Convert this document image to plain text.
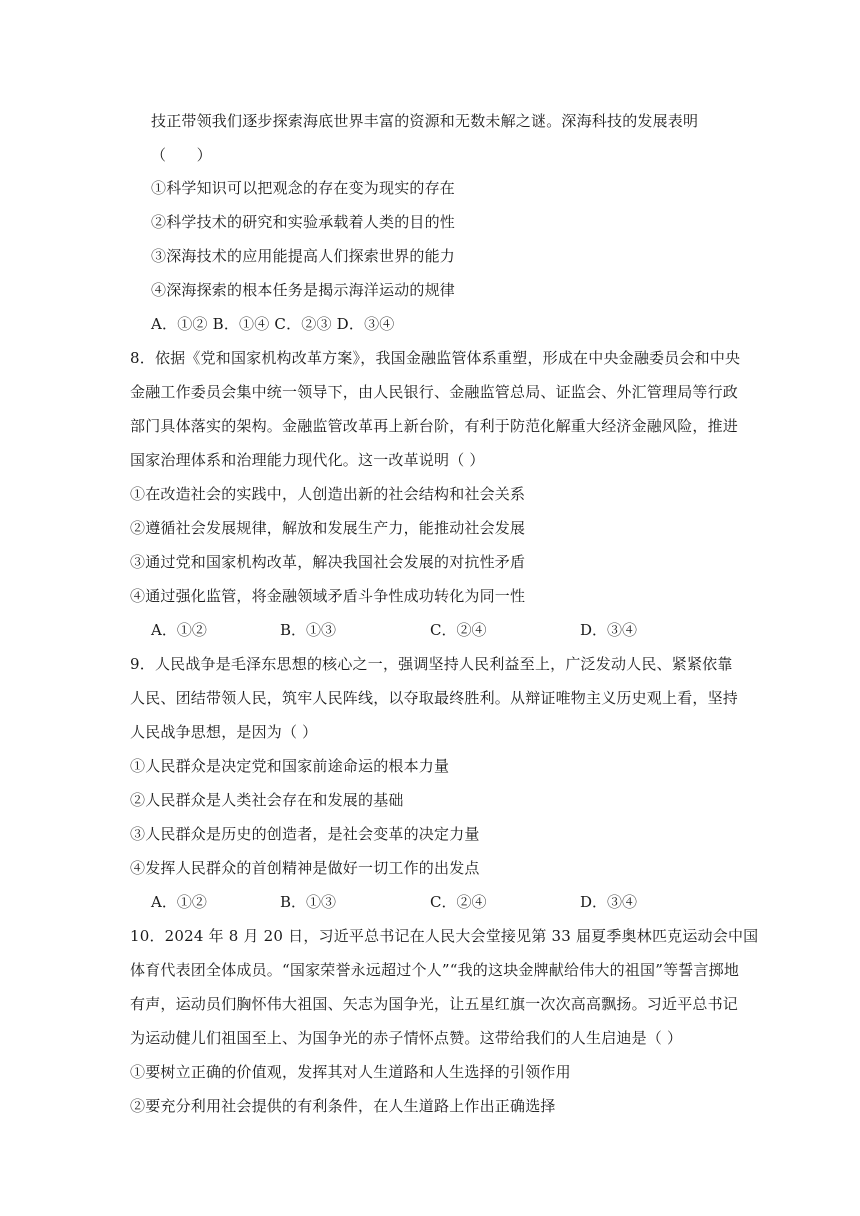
技正带领我们逐步探索海底世界丰富的资源和无数未解之谜。深海科技的发展表明
（　　）
①科学知识可以把观念的存在变为现实的存在
②科学技术的研究和实验承载着人类的目的性
③深海技术的应用能提高人们探索世界的能力
④深海探索的根本任务是揭示海洋运动的规律
A．①② B．①④ C．②③ D．③④
8．依据《党和国家机构改革方案》，我国金融监管体系重塑，形成在中央金融委员会和中央
金融工作委员会集中统一领导下，由人民银行、金融监管总局、证监会、外汇管理局等行政
部门具体落实的架构。金融监管改革再上新台阶，有利于防范化解重大经济金融风险，推进
国家治理体系和治理能力现代化。这一改革说明（ ）
①在改造社会的实践中，人创造出新的社会结构和社会关系
②遵循社会发展规律，解放和发展生产力，能推动社会发展
③通过党和国家机构改革，解决我国社会发展的对抗性矛盾
④通过强化监管，将金融领域矛盾斗争性成功转化为同一性
A．①②	B．①③	C．②④	D．③④
9．人民战争是毛泽东思想的核心之一，强调坚持人民利益至上，广泛发动人民、紧紧依靠
人民、团结带领人民，筑牢人民阵线，以夺取最终胜利。从辩证唯物主义历史观上看，坚持
人民战争思想，是因为（ ）
①人民群众是决定党和国家前途命运的根本力量
②人民群众是人类社会存在和发展的基础
③人民群众是历史的创造者，是社会变革的决定力量
④发挥人民群众的首创精神是做好一切工作的出发点
A．①②	B．①③	C．②④	D．③④
10．2024 年 8 月 20 日，习近平总书记在人民大会堂接见第 33 届夏季奥林匹克运动会中国
体育代表团全体成员。“国家荣誉永远超过个人”“我的这块金牌献给伟大的祖国”等誓言掷地
有声，运动员们胸怀伟大祖国、矢志为国争光，让五星红旗一次次高高飘扬。习近平总书记
为运动健儿们祖国至上、为国争光的赤子情怀点赞。这带给我们的人生启迪是（ ）
①要树立正确的价值观，发挥其对人生道路和人生选择的引领作用
②要充分利用社会提供的有利条件，在人生道路上作出正确选择
